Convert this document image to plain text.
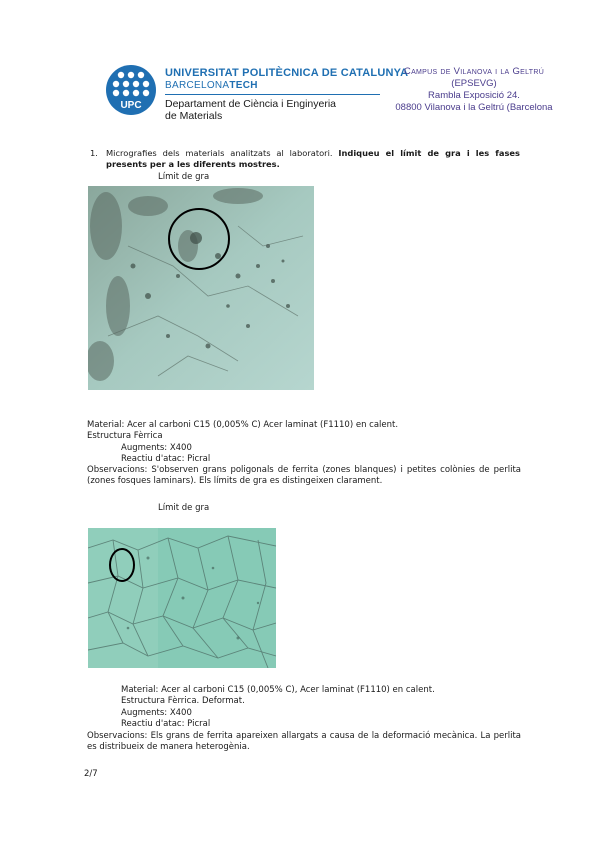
UPC
UNIVERSITAT POLITÈCNICA DE CATALUNYA
BARCELONATECH
Departament de Ciència i Enginyeria
de Materials
Campus de Vilanova i la Geltrú
(EPSEVG)
Rambla Exposició 24.
08800 Vilanova i la Geltrú (Barcelona
1. Micrografies dels materials analitzats al laboratori. Indiqueu el límit de gra i les fases presents per a les diferents mostres.
Límit de gra
Material: Acer al carboni C15 (0,005% C) Acer laminat (F1110) en calent.
Estructura Fèrrica
Augments: X400
Reactiu d'atac: Picral
Observacions: S'observen grans poligonals de ferrita (zones blanques) i petites colònies de perlita (zones fosques laminars). Els límits de gra es distingeixen clarament.
Límit de gra
Material: Acer al carboni C15 (0,005% C), Acer laminat (F1110) en calent.
Estructura Fèrrica. Deformat.
Augments: X400
Reactiu d'atac: Picral
Observacions: Els grans de ferrita apareixen allargats a causa de la deformació mecànica. La perlita es distribueix de manera heterogènia.
2/7
